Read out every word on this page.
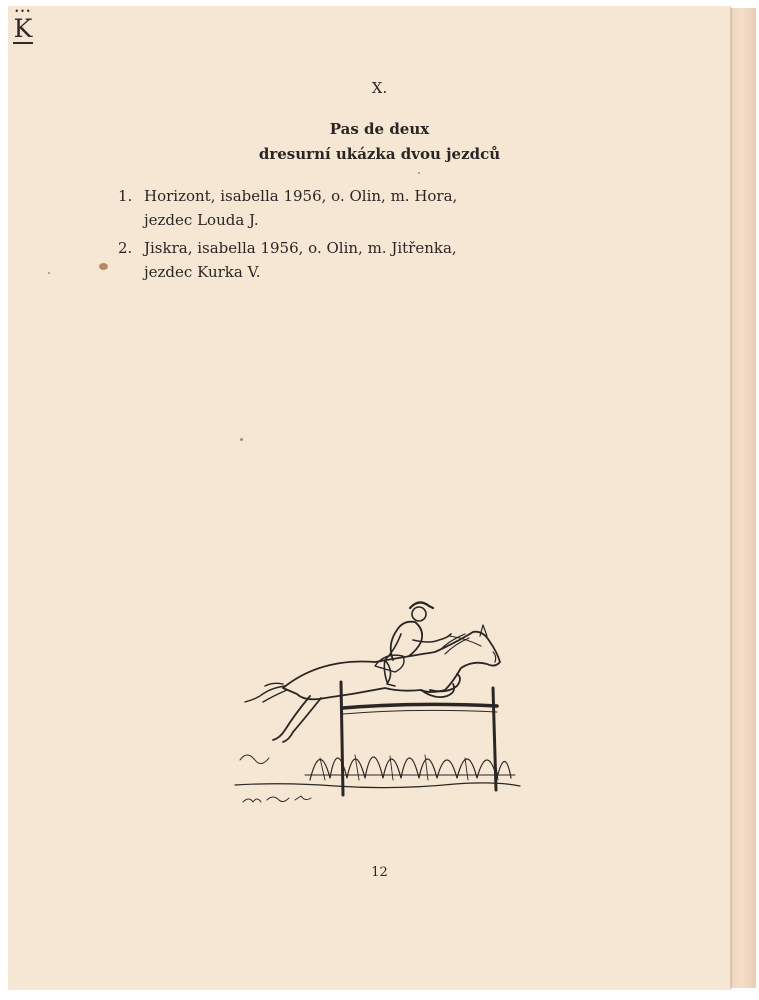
•••
K
X.
Pas de deux
dresurní ukázka dvou jezdců
1. Horizont, isabella 1956, o. Olin, m. Hora,
jezdec Louda J.
2. Jiskra, isabella 1956, o. Olin, m. Jitřenka,
jezdec Kurka V.
12
